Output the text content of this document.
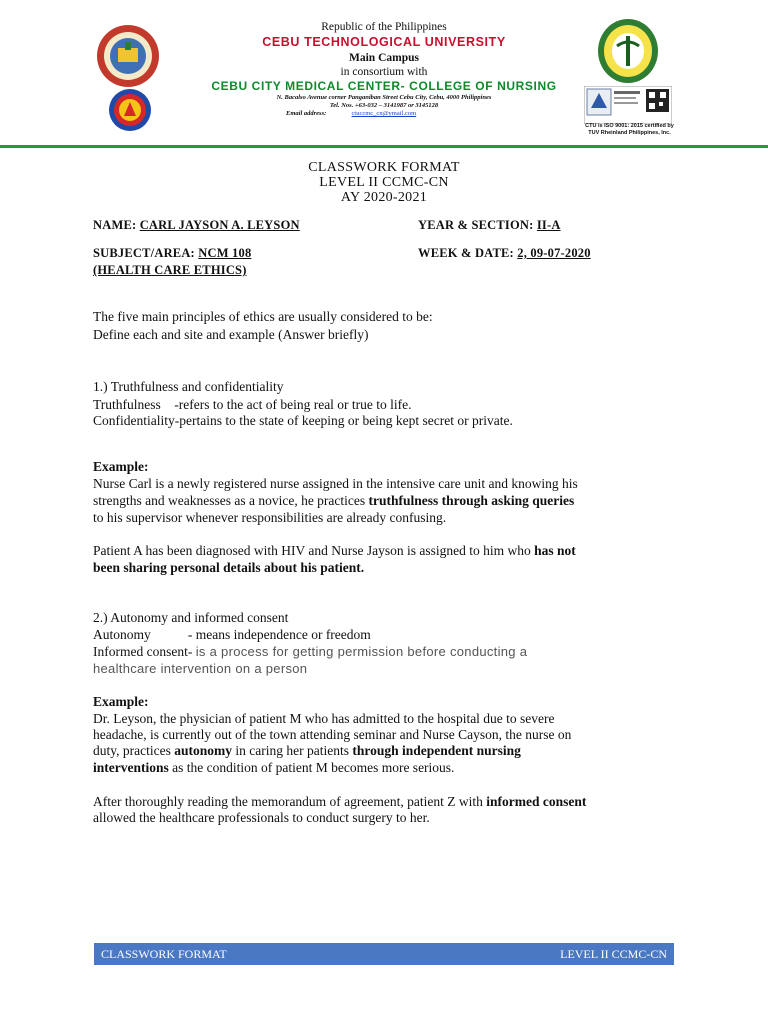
CTU is ISO 9001: 2015 certified by TUV Rheinland Philippines, Inc.
Republic of the Philippines
CEBU TECHNOLOGICAL UNIVERSITY
Main Campus
in consortium with
CEBU CITY MEDICAL CENTER- COLLEGE OF NURSING
N. Bacalso Avenue corner Panganiban Street Cebu City, Cebu, 4000 Philippines
Tel. Nos. +63-032 – 3141987 or 3145128
Email address:	ctuccmc_cn@ymail.com
CLASSWORK FORMAT
LEVEL II CCMC-CN
AY 2020-2021
NAME: CARL JAYSON A. LEYSON	YEAR & SECTION: II-A
SUBJECT/AREA: NCM 108
(HEALTH CARE ETHICS)
WEEK & DATE: 2, 09-07-2020
The five main principles of ethics are usually considered to be:
Define each and site and example (Answer briefly)
1.) Truthfulness and confidentiality
Truthfulness    -refers to the act of being real or true to life.
Confidentiality-pertains to the state of keeping or being kept secret or private.
Example:
Nurse Carl is a newly registered nurse assigned in the intensive care unit and knowing his
strengths and weaknesses as a novice, he practices truthfulness through asking queries
to his supervisor whenever responsibilities are already confusing.
Patient A has been diagnosed with HIV and Nurse Jayson is assigned to him who has not
been sharing personal details about his patient.
2.) Autonomy and informed consent
Autonomy           - means independence or freedom
Informed consent- is a process for getting permission before conducting a
healthcare intervention on a person
Example:
Dr. Leyson, the physician of patient M who has admitted to the hospital due to severe
headache, is currently out of the town attending seminar and Nurse Cayson, the nurse on
duty, practices autonomy in caring her patients through independent nursing
interventions as the condition of patient M becomes more serious.
After thoroughly reading the memorandum of agreement, patient Z with informed consent
allowed the healthcare professionals to conduct surgery to her.
CLASSWORK FORMAT	LEVEL II CCMC-CN
